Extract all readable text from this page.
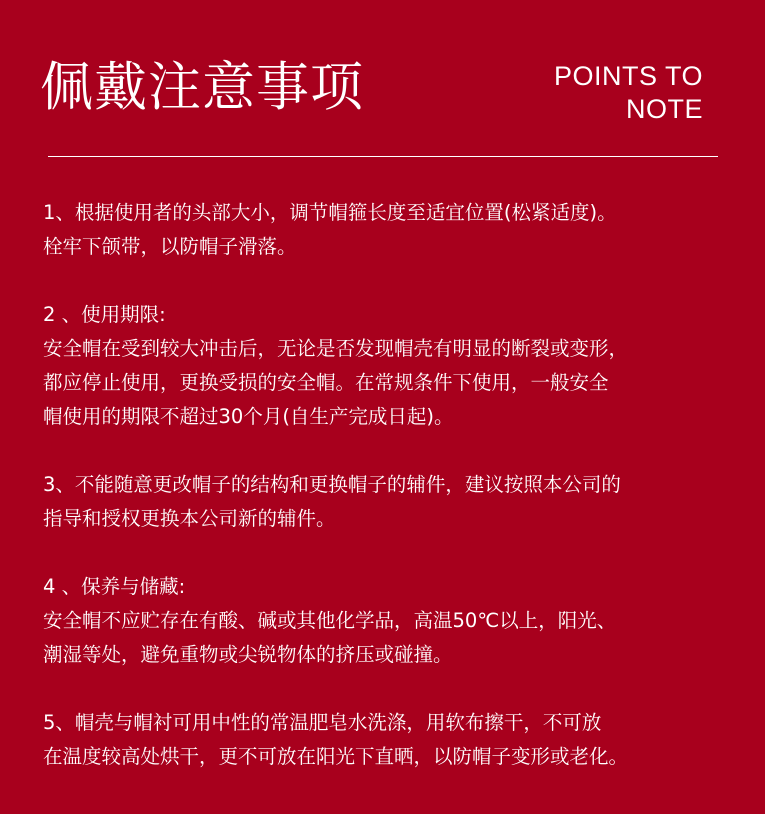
佩戴注意事项	POINTS TO
NOTE
1、根据使用者的头部大小，调节帽箍长度至适宜位置(松紧适度)。
栓牢下颌带，以防帽子滑落。
2 、使用期限:
安全帽在受到较大冲击后，无论是否发现帽壳有明显的断裂或变形，
都应停止使用，更换受损的安全帽。在常规条件下使用，一般安全
帽使用的期限不超过30个月(自生产完成日起)。
3、不能随意更改帽子的结构和更换帽子的辅件，建议按照本公司的
指导和授权更换本公司新的辅件。
4 、保养与储藏:
安全帽不应贮存在有酸、碱或其他化学品，高温50℃以上，阳光、
潮湿等处，避免重物或尖锐物体的挤压或碰撞。
5、帽壳与帽衬可用中性的常温肥皂水洗涤，用软布擦干，不可放
在温度较高处烘干，更不可放在阳光下直晒，以防帽子变形或老化。
